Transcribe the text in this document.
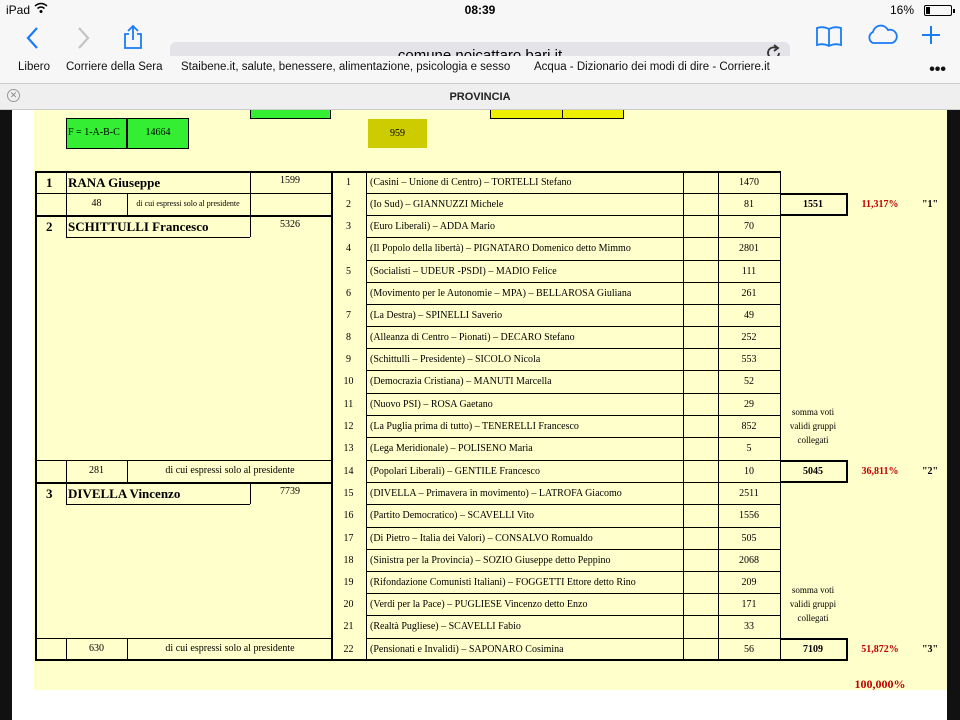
iPad	08:39	16%
Libero Corriere della Sera Staibene.it, salute, benessere, alimentazione, psicologia e sesso Acqua - Dizionario dei modi di dire - Corriere.it	•••
✕	PROVINCIA
F = 1-A-B-C	14664	959
1 RANA Giuseppe	1599
48	di cui espressi solo al presidente
2 SCHITTULLI Francesco	5326
281	di cui espressi solo al presidente
3 DIVELLA Vincenzo	7739
630	di cui espressi solo al presidente
1	(Casini – Unione di Centro) – TORTELLI Stefano	1470
2	(Io Sud) – GIANNUZZI Michele	81
3	(Euro Liberali) – ADDA Mario	70
4	(Il Popolo della libertà) – PIGNATARO Domenico detto Mimmo	2801
5	(Socialisti – UDEUR -PSDI) – MADIO Felice	111
6	(Movimento per le Autonomie – MPA) – BELLAROSA Giuliana	261
7	(La Destra) – SPINELLI Saverio	49
8	(Alleanza di Centro – Pionati) – DECARO Stefano	252
9	(Schittulli – Presidente) – SICOLO Nicola	553
10	(Democrazia Cristiana) – MANUTI Marcella	52
11	(Nuovo PSI) – ROSA Gaetano	29
12	(La Puglia prima di tutto) – TENERELLI Francesco	852
13	(Lega Meridionale) – POLISENO Maria	5
14	(Popolari Liberali) – GENTILE Francesco	10
15	(DIVELLA – Primavera in movimento) – LATROFA Giacomo	2511
16	(Partito Democratico) – SCAVELLI Vito	1556
17	(Di Pietro – Italia dei Valori) – CONSALVO Romualdo	505
18	(Sinistra per la Provincia) – SOZIO Giuseppe detto Peppino	2068
19	(Rifondazione Comunisti Italiani) – FOGGETTI Ettore detto Rino	209
20	(Verdi per la Pace) – PUGLIESE Vincenzo detto Enzo	171
21	(Realtà Pugliese) – SCAVELLI Fabio	33
22	(Pensionati e Invalidi) – SAPONARO Cosimina	56
1551	11,317%	"1"
5045	36,811%	"2"
7109	51,872%	"3"
somma voti
validi gruppi
collegati
somma voti
validi gruppi
collegati
100,000%
